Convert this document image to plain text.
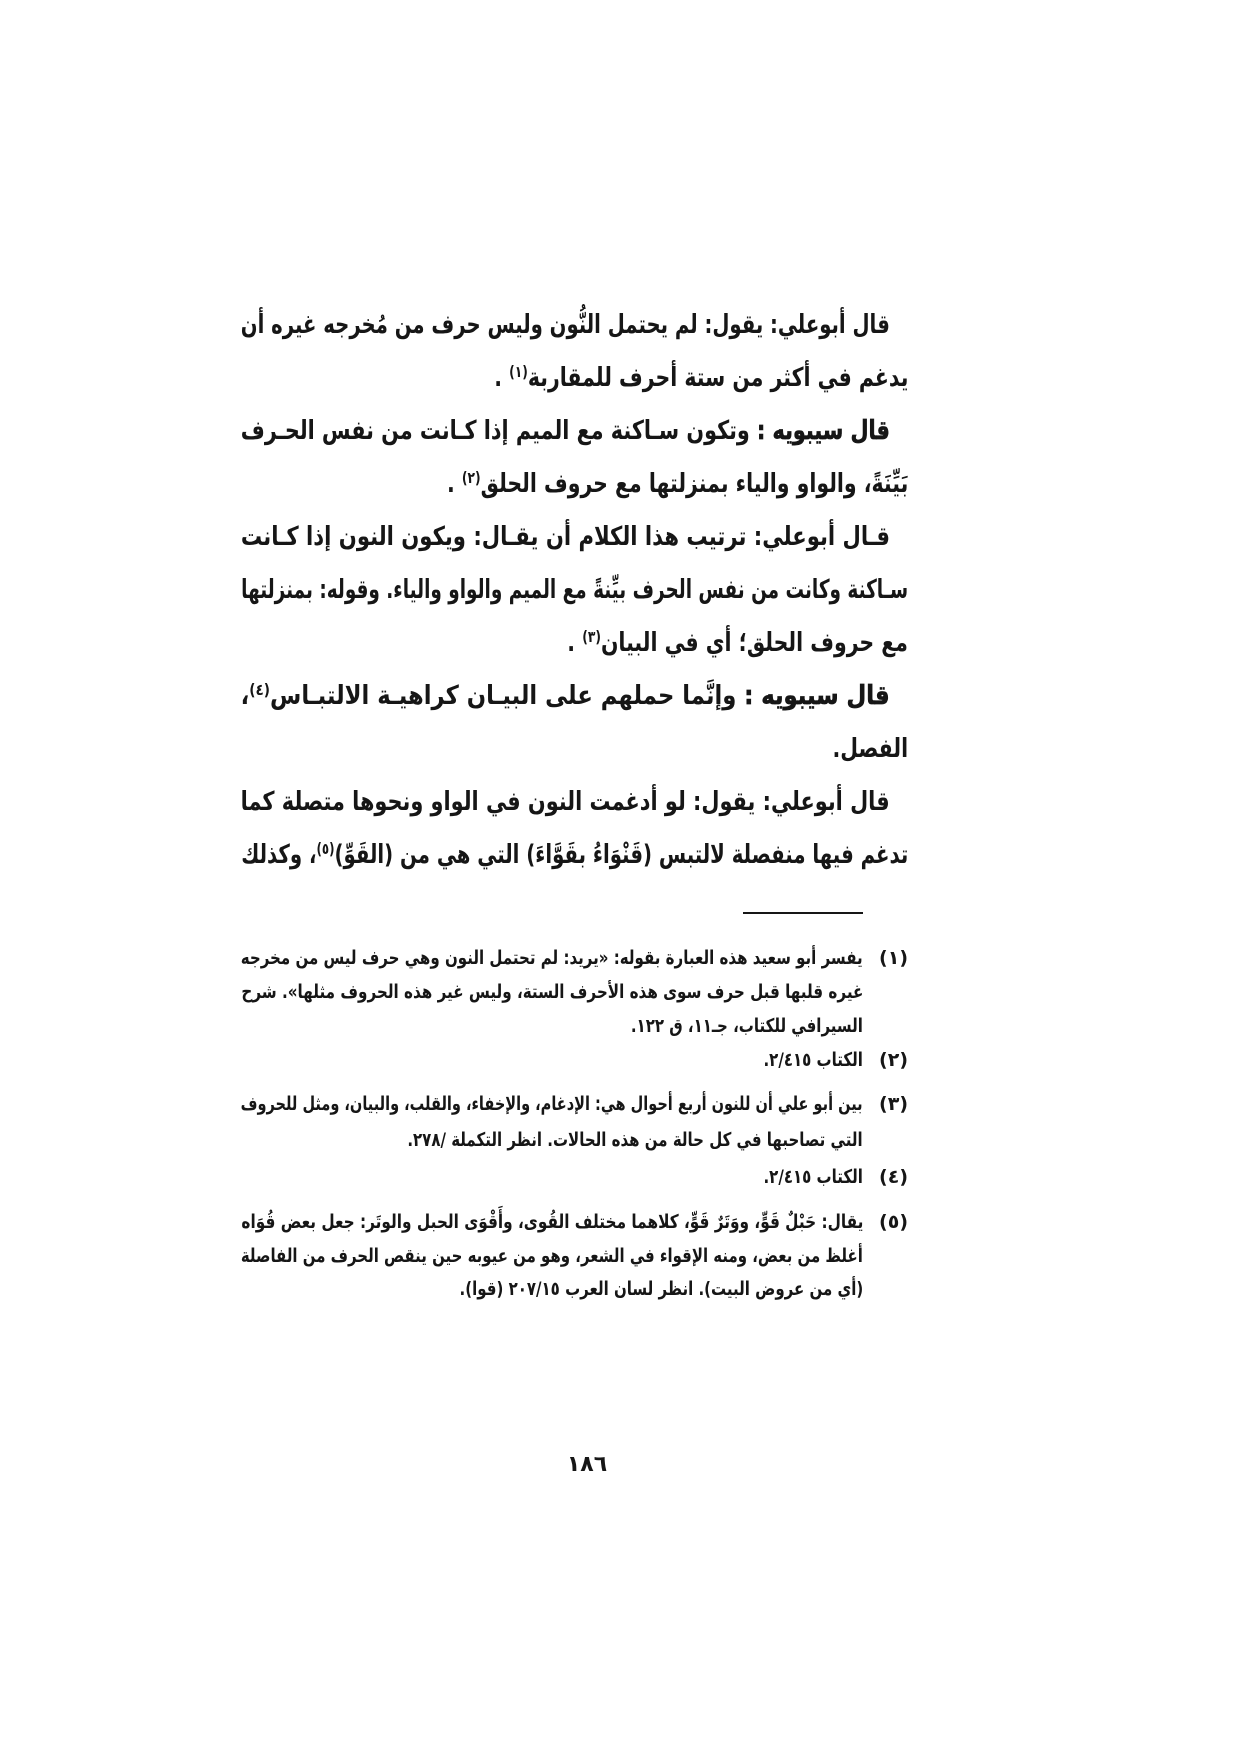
قال أبوعلي: يقول: لم يحتمل النُّون وليس حرف من مُخرجه غيره أن
يدغم في أكثر من ستة أحرف للمقاربة$^{(١)}$ .
قال سيبويه : وتكون سـاكنة مع الميم إذا كـانت من نفس الحـرف
بَيِّنَةً، والواو والياء بمنزلتها مع حروف الحلق$^{(٢)}$ .
قـال أبوعلي: ترتيب هذا الكلام أن يقـال: ويكون النون إذا كـانت
سـاكنة وكانت من نفس الحرف بيِّنةً مع الميم والواو والياء. وقوله: بمنزلتها
مع حروف الحلق؛ أي في البيان$^{(٣)}$ .
قال سيبويه : وإنَّما حملهم على البيـان كراهيـة الالتبـاس$^{(٤)}$،
الفصل.
قال أبوعلي: يقول: لو أدغمت النون في الواو ونحوها متصلة كما
تدغم فيها منفصلة لالتبس (قَنْوَاءُ بقَوَّاءَ) التي هي من (القَوِّ)$^{(٥)}$، وكذلك
(١)
يفسر أبو سعيد هذه العبارة بقوله: «يريد: لم تحتمل النون وهي حرف ليس من مخرجه
غيره قلبها قبل حرف سوى هذه الأحرف الستة، وليس غير هذه الحروف مثلها». شرح
السيرافي للكتاب، جـ١١، ق ١٢٢.
(٢)
الكتاب ٢/٤١٥.
(٣)
بين أبو علي أن للنون أربع أحوال هي: الإدغام، والإخفاء، والقلب، والبيان، ومثل للحروف
التي تصاحبها في كل حالة من هذه الحالات. انظر التكملة /٢٧٨.
(٤)
الكتاب ٢/٤١٥.
(٥)
يقال: حَبْلٌ قَوٍّ، ووَتَرٌ قَوٍّ، كلاهما مختلف القُوى، وأَقْوَى الحبل والوتَر: جعل بعض قُوَاه
أغلظ من بعض، ومنه الإقواء في الشعر، وهو من عيوبه حين ينقص الحرف من الفاصلة
(أي من عروض البيت). انظر لسان العرب ٢٠٧/١٥ (قوا).
١٨٦
